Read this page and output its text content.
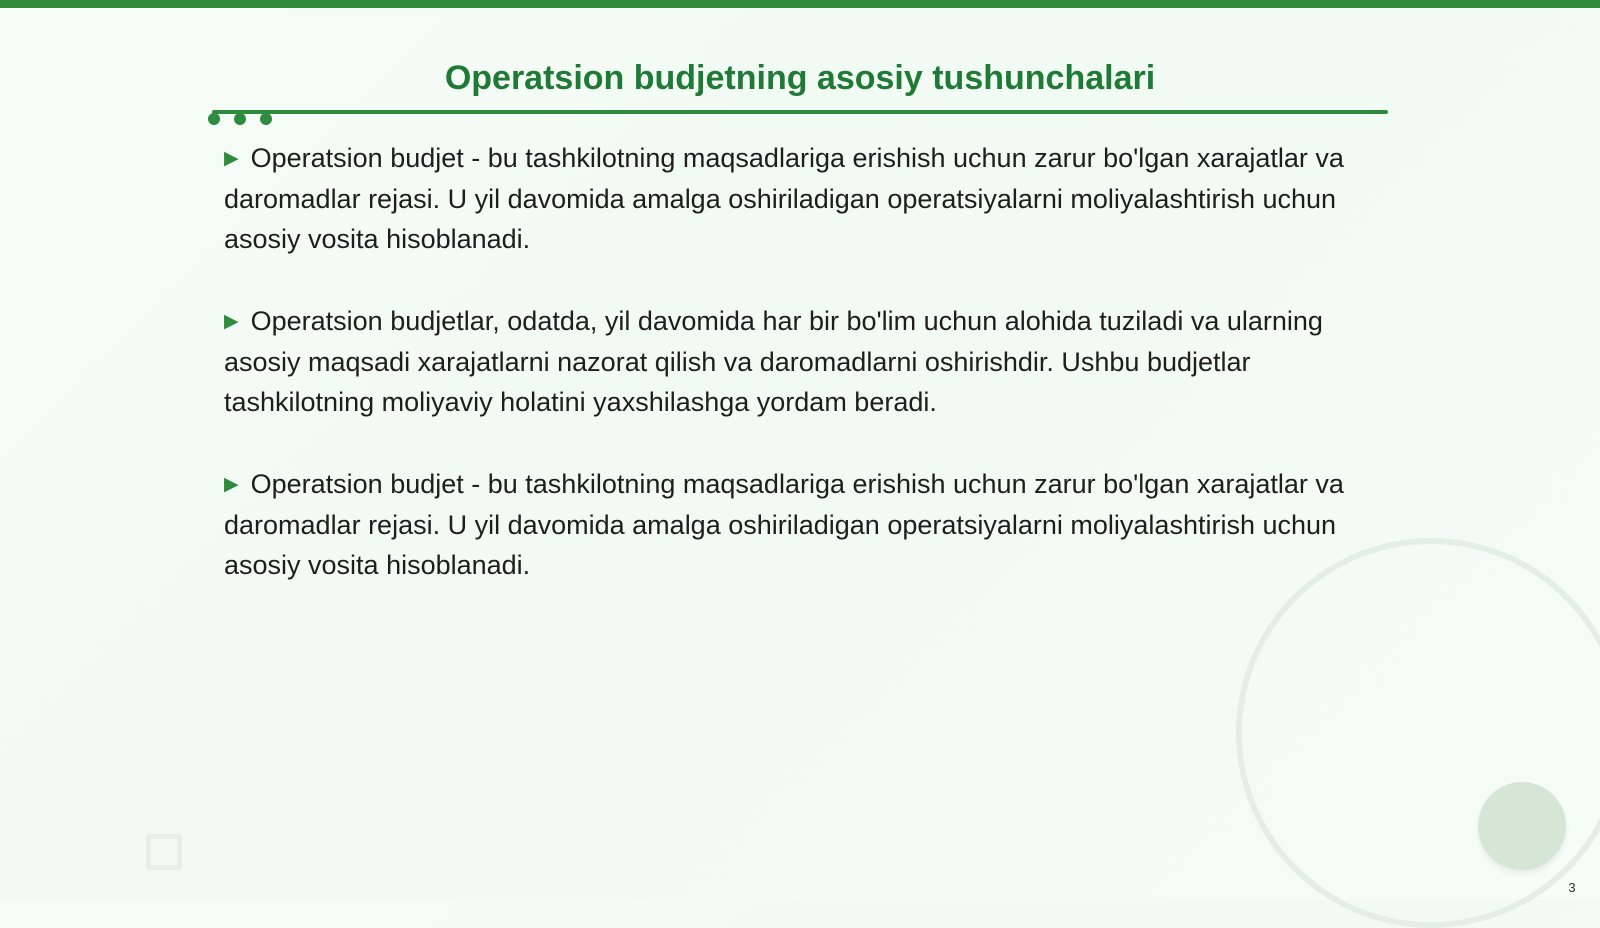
Operatsion budjetning asosiy tushunchalari

▶ Operatsion budjet - bu tashkilotning maqsadlariga erishish uchun zarur bo'lgan xarajatlar va daromadlar rejasi. U yil davomida amalga oshiriladigan operatsiyalarni moliyalashtirish uchun asosiy vosita hisoblanadi.

▶ Operatsion budjetlar, odatda, yil davomida har bir bo'lim uchun alohida tuziladi va ularning asosiy maqsadi xarajatlarni nazorat qilish va daromadlarni oshirishdir. Ushbu budjetlar tashkilotning moliyaviy holatini yaxshilashga yordam beradi.

▶ Operatsion budjet - bu tashkilotning maqsadlariga erishish uchun zarur bo'lgan xarajatlar va daromadlar rejasi. U yil davomida amalga oshiriladigan operatsiyalarni moliyalashtirish uchun asosiy vosita hisoblanadi.

3
